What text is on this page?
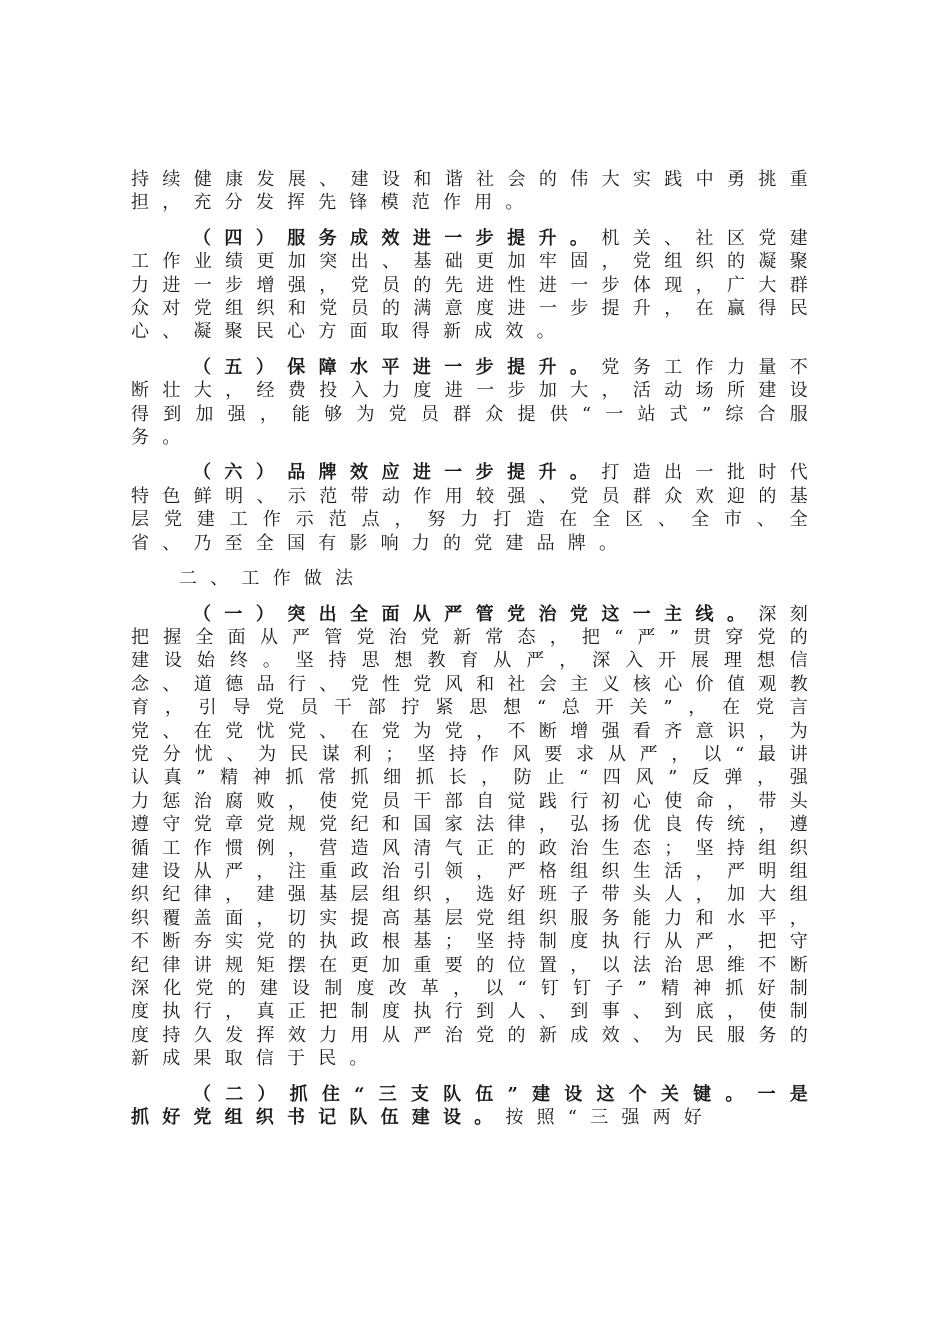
持续健康发展、建设和谐社会的伟大实践中勇挑重担，充分发挥先锋模范作用。

（四）服务成效进一步提升。机关、社区党建工作业绩更加突出、基础更加牢固，党组织的凝聚力进一步增强，党员的先进性进一步体现，广大群众对党组织和党员的满意度进一步提升，在赢得民心、凝聚民心方面取得新成效。

（五）保障水平进一步提升。党务工作力量不断壮大，经费投入力度进一步加大，活动场所建设得到加强，能够为党员群众提供“一站式”综合服务。

（六）品牌效应进一步提升。打造出一批时代特色鲜明、示范带动作用较强、党员群众欢迎的基层党建工作示范点，努力打造在全区、全市、全省、乃至全国有影响力的党建品牌。

二、工作做法

（一）突出全面从严管党治党这一主线。深刻把握全面从严管党治党新常态，把“严”贯穿党的建设始终。坚持思想教育从严，深入开展理想信念、道德品行、党性党风和社会主义核心价值观教育，引导党员干部拧紧思想“总开关”，在党言党、在党忧党、在党为党，不断增强看齐意识，为党分忧、为民谋利；坚持作风要求从严，以“最讲认真”精神抓常抓细抓长，防止“四风”反弹，强力惩治腐败，使党员干部自觉践行初心使命，带头遵守党章党规党纪和国家法律，弘扬优良传统，遵循工作惯例，营造风清气正的政治生态；坚持组织建设从严，注重政治引领，严格组织生活，严明组织纪律，建强基层组织，选好班子带头人，加大组织覆盖面，切实提高基层党组织服务能力和水平，不断夯实党的执政根基；坚持制度执行从严，把守纪律讲规矩摆在更加重要的位置，以法治思维不断深化党的建设制度改革，以“钉钉子”精神抓好制度执行，真正把制度执行到人、到事、到底，使制度持久发挥效力用从严治党的新成效、为民服务的新成果取信于民。

（二）抓住“三支队伍”建设这个关键。一是抓好党组织书记队伍建设。按照“三强两好
